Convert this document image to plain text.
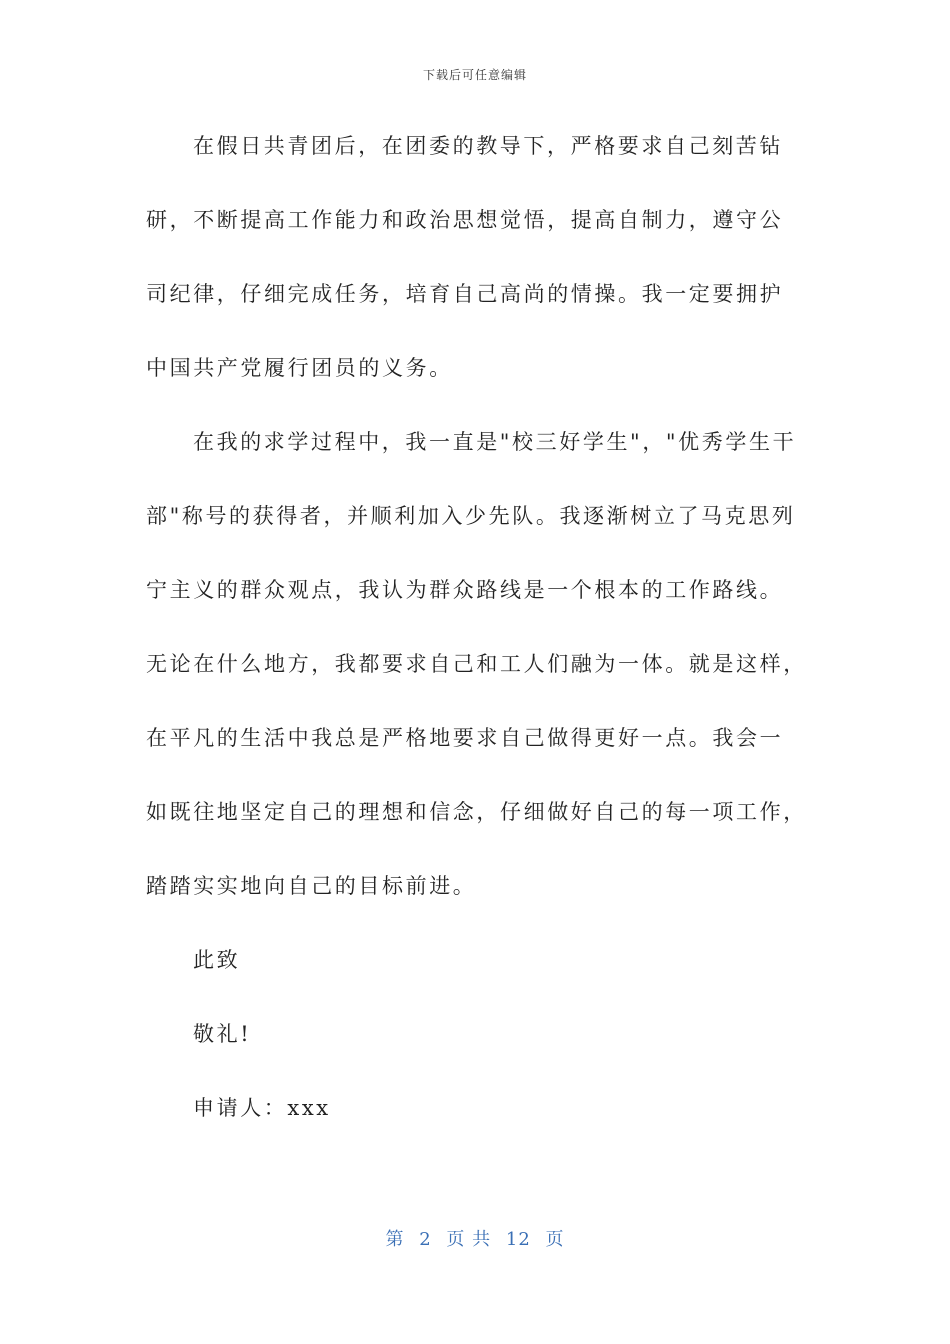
下载后可任意编辑
在假日共青团后，在团委的教导下，严格要求自己刻苦钻
研，不断提高工作能力和政治思想觉悟，提高自制力，遵守公
司纪律，仔细完成任务，培育自己高尚的情操。我一定要拥护
中国共产党履行团员的义务。
在我的求学过程中，我一直是"校三好学生"，"优秀学生干
部"称号的获得者，并顺利加入少先队。我逐渐树立了马克思列
宁主义的群众观点，我认为群众路线是一个根本的工作路线。
无论在什么地方，我都要求自己和工人们融为一体。就是这样，
在平凡的生活中我总是严格地要求自己做得更好一点。我会一
如既往地坚定自己的理想和信念，仔细做好自己的每一项工作，
踏踏实实地向自己的目标前进。
此致
敬礼!
申请人：xxx
第 2 页 共 12 页
